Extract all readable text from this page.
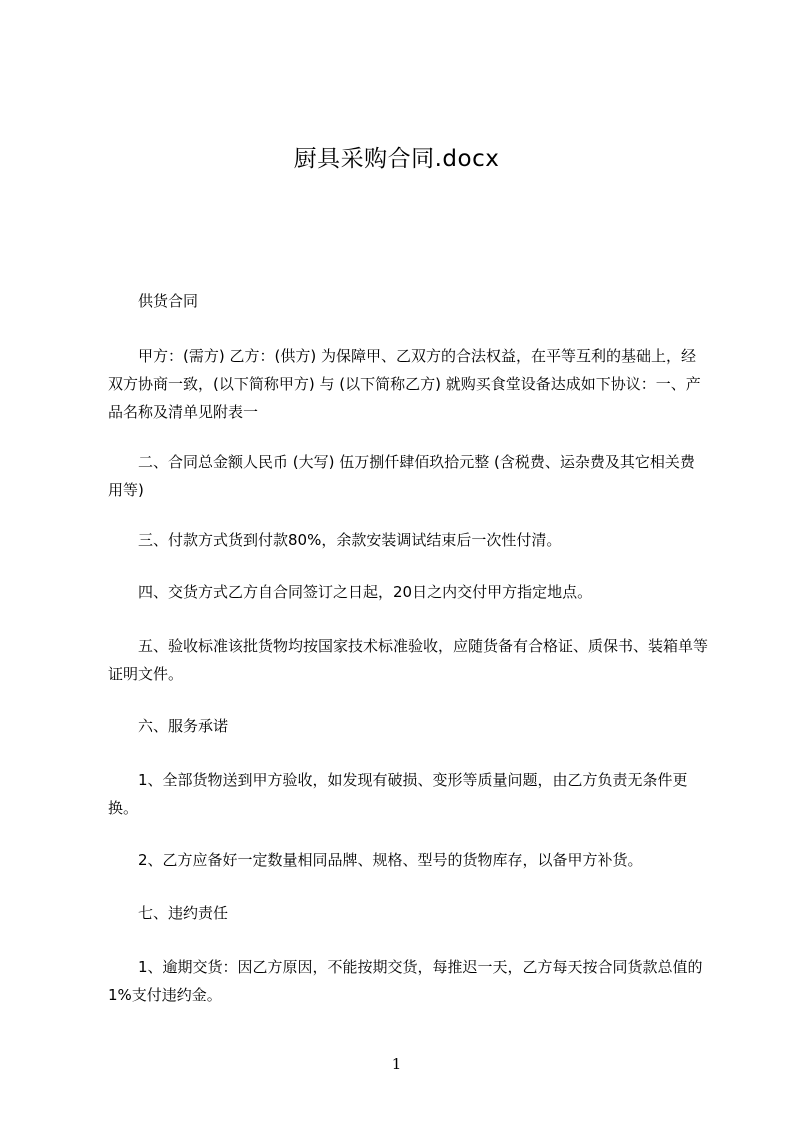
厨具采购合同.docx
供货合同
甲方：(需方) 乙方：(供方) 为保障甲、乙双方的合法权益，在平等互利的基础上，经双方协商一致，(以下简称甲方) 与 (以下简称乙方) 就购买食堂设备达成如下协议：一、产品名称及清单见附表一
二、合同总金额人民币 (大写) 伍万捌仟肆佰玖拾元整 (含税费、运杂费及其它相关费用等)
三、付款方式货到付款80%，余款安装调试结束后一次性付清。
四、交货方式乙方自合同签订之日起，20日之内交付甲方指定地点。
五、验收标准该批货物均按国家技术标准验收，应随货备有合格证、质保书、装箱单等证明文件。
六、服务承诺
1、全部货物送到甲方验收，如发现有破损、变形等质量问题，由乙方负责无条件更换。
2、乙方应备好一定数量相同品牌、规格、型号的货物库存，以备甲方补货。
七、违约责任
1、逾期交货：因乙方原因，不能按期交货，每推迟一天，乙方每天按合同货款总值的1%支付违约金。
1
